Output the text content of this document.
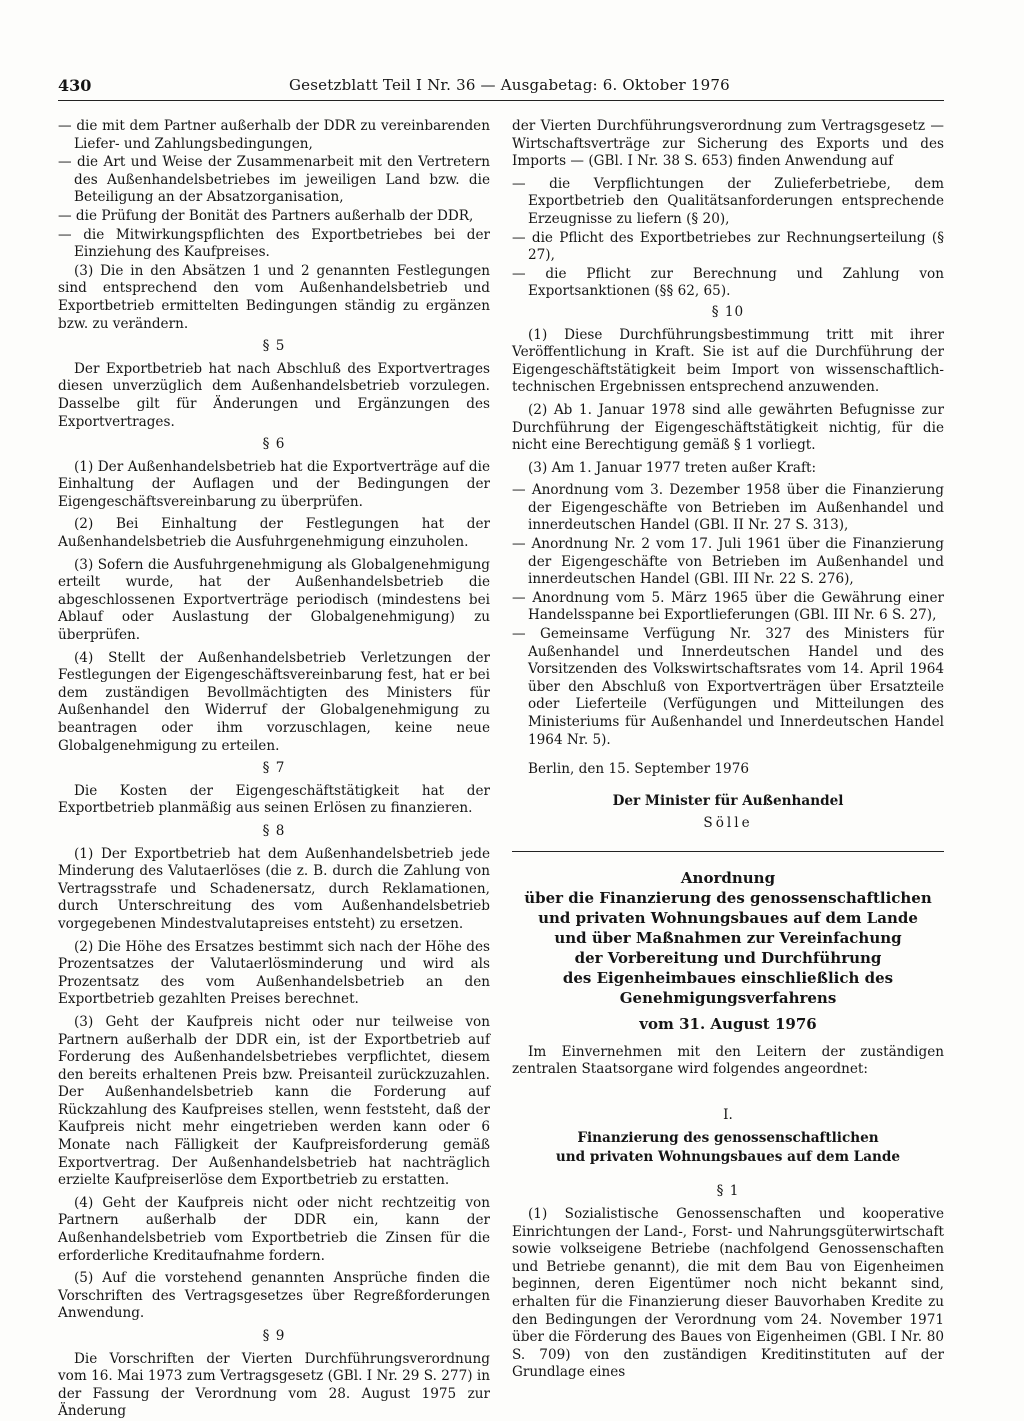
430	Gesetzblatt Teil I Nr. 36 — Ausgabetag: 6. Oktober 1976

— die mit dem Partner außerhalb der DDR zu vereinbarenden Liefer- und Zahlungsbedingungen,

— die Art und Weise der Zusammenarbeit mit den Vertretern des Außenhandelsbetriebes im jeweiligen Land bzw. die Beteiligung an der Absatzorganisation,

— die Prüfung der Bonität des Partners außerhalb der DDR,

— die Mitwirkungspflichten des Exportbetriebes bei der Einziehung des Kaufpreises.

(3) Die in den Absätzen 1 und 2 genannten Festlegungen sind entsprechend den vom Außenhandelsbetrieb und Exportbetrieb ermittelten Bedingungen ständig zu ergänzen bzw. zu verändern.

§ 5

Der Exportbetrieb hat nach Abschluß des Exportvertrages diesen unverzüglich dem Außenhandelsbetrieb vorzulegen. Dasselbe gilt für Änderungen und Ergänzungen des Exportvertrages.

§ 6

(1) Der Außenhandelsbetrieb hat die Exportverträge auf die Einhaltung der Auflagen und der Bedingungen der Eigengeschäftsvereinbarung zu überprüfen.

(2) Bei Einhaltung der Festlegungen hat der Außenhandelsbetrieb die Ausfuhrgenehmigung einzuholen.

(3) Sofern die Ausfuhrgenehmigung als Globalgenehmigung erteilt wurde, hat der Außenhandelsbetrieb die abgeschlossenen Exportverträge periodisch (mindestens bei Ablauf oder Auslastung der Globalgenehmigung) zu überprüfen.

(4) Stellt der Außenhandelsbetrieb Verletzungen der Festlegungen der Eigengeschäftsvereinbarung fest, hat er bei dem zuständigen Bevollmächtigten des Ministers für Außenhandel den Widerruf der Globalgenehmigung zu beantragen oder ihm vorzuschlagen, keine neue Globalgenehmigung zu erteilen.

§ 7

Die Kosten der Eigengeschäftstätigkeit hat der Exportbetrieb planmäßig aus seinen Erlösen zu finanzieren.

§ 8

(1) Der Exportbetrieb hat dem Außenhandelsbetrieb jede Minderung des Valutaerlöses (die z. B. durch die Zahlung von Vertragsstrafe und Schadenersatz, durch Reklamationen, durch Unterschreitung des vom Außenhandelsbetrieb vorgegebenen Mindestvalutapreises entsteht) zu ersetzen.

(2) Die Höhe des Ersatzes bestimmt sich nach der Höhe des Prozentsatzes der Valutaerlösminderung und wird als Prozentsatz des vom Außenhandelsbetrieb an den Exportbetrieb gezahlten Preises berechnet.

(3) Geht der Kaufpreis nicht oder nur teilweise von Partnern außerhalb der DDR ein, ist der Exportbetrieb auf Forderung des Außenhandelsbetriebes verpflichtet, diesem den bereits erhaltenen Preis bzw. Preisanteil zurückzuzahlen. Der Außenhandelsbetrieb kann die Forderung auf Rückzahlung des Kaufpreises stellen, wenn feststeht, daß der Kaufpreis nicht mehr eingetrieben werden kann oder 6 Monate nach Fälligkeit der Kaufpreisforderung gemäß Exportvertrag. Der Außenhandelsbetrieb hat nachträglich erzielte Kaufpreiserlöse dem Exportbetrieb zu erstatten.

(4) Geht der Kaufpreis nicht oder nicht rechtzeitig von Partnern außerhalb der DDR ein, kann der Außenhandelsbetrieb vom Exportbetrieb die Zinsen für die erforderliche Kreditaufnahme fordern.

(5) Auf die vorstehend genannten Ansprüche finden die Vorschriften des Vertragsgesetzes über Regreßforderungen Anwendung.

§ 9

Die Vorschriften der Vierten Durchführungsverordnung vom 16. Mai 1973 zum Vertragsgesetz (GBl. I Nr. 29 S. 277) in der Fassung der Verordnung vom 28. August 1975 zur Änderung

der Vierten Durchführungsverordnung zum Vertragsgesetz — Wirtschaftsverträge zur Sicherung des Exports und des Imports — (GBl. I Nr. 38 S. 653) finden Anwendung auf

— die Verpflichtungen der Zulieferbetriebe, dem Exportbetrieb den Qualitätsanforderungen entsprechende Erzeugnisse zu liefern (§ 20),

— die Pflicht des Exportbetriebes zur Rechnungserteilung (§ 27),

— die Pflicht zur Berechnung und Zahlung von Exportsanktionen (§§ 62, 65).

§ 10

(1) Diese Durchführungsbestimmung tritt mit ihrer Veröffentlichung in Kraft. Sie ist auf die Durchführung der Eigengeschäftstätigkeit beim Import von wissenschaftlich-technischen Ergebnissen entsprechend anzuwenden.

(2) Ab 1. Januar 1978 sind alle gewährten Befugnisse zur Durchführung der Eigengeschäftstätigkeit nichtig, für die nicht eine Berechtigung gemäß § 1 vorliegt.

(3) Am 1. Januar 1977 treten außer Kraft:

— Anordnung vom 3. Dezember 1958 über die Finanzierung der Eigengeschäfte von Betrieben im Außenhandel und innerdeutschen Handel (GBl. II Nr. 27 S. 313),

— Anordnung Nr. 2 vom 17. Juli 1961 über die Finanzierung der Eigengeschäfte von Betrieben im Außenhandel und innerdeutschen Handel (GBl. III Nr. 22 S. 276),

— Anordnung vom 5. März 1965 über die Gewährung einer Handelsspanne bei Exportlieferungen (GBl. III Nr. 6 S. 27),

— Gemeinsame Verfügung Nr. 327 des Ministers für Außenhandel und Innerdeutschen Handel und des Vorsitzenden des Volkswirtschaftsrates vom 14. April 1964 über den Abschluß von Exportverträgen über Ersatzteile oder Lieferteile (Verfügungen und Mitteilungen des Ministeriums für Außenhandel und Innerdeutschen Handel 1964 Nr. 5).

Berlin, den 15. September 1976

Der Minister für Außenhandel

Sölle

Anordnung
über die Finanzierung des genossenschaftlichen
und privaten Wohnungsbaues auf dem Lande
und über Maßnahmen zur Vereinfachung
der Vorbereitung und Durchführung
des Eigenheimbaues einschließlich des
Genehmigungsverfahrens

vom 31. August 1976

Im Einvernehmen mit den Leitern der zuständigen zentralen Staatsorgane wird folgendes angeordnet:

I.

Finanzierung des genossenschaftlichen
und privaten Wohnungsbaues auf dem Lande

§ 1

(1) Sozialistische Genossenschaften und kooperative Einrichtungen der Land-, Forst- und Nahrungsgüterwirtschaft sowie volkseigene Betriebe (nachfolgend Genossenschaften und Betriebe genannt), die mit dem Bau von Eigenheimen beginnen, deren Eigentümer noch nicht bekannt sind, erhalten für die Finanzierung dieser Bauvorhaben Kredite zu den Bedingungen der Verordnung vom 24. November 1971 über die Förderung des Baues von Eigenheimen (GBl. I Nr. 80 S. 709) von den zuständigen Kreditinstituten auf der Grundlage eines
